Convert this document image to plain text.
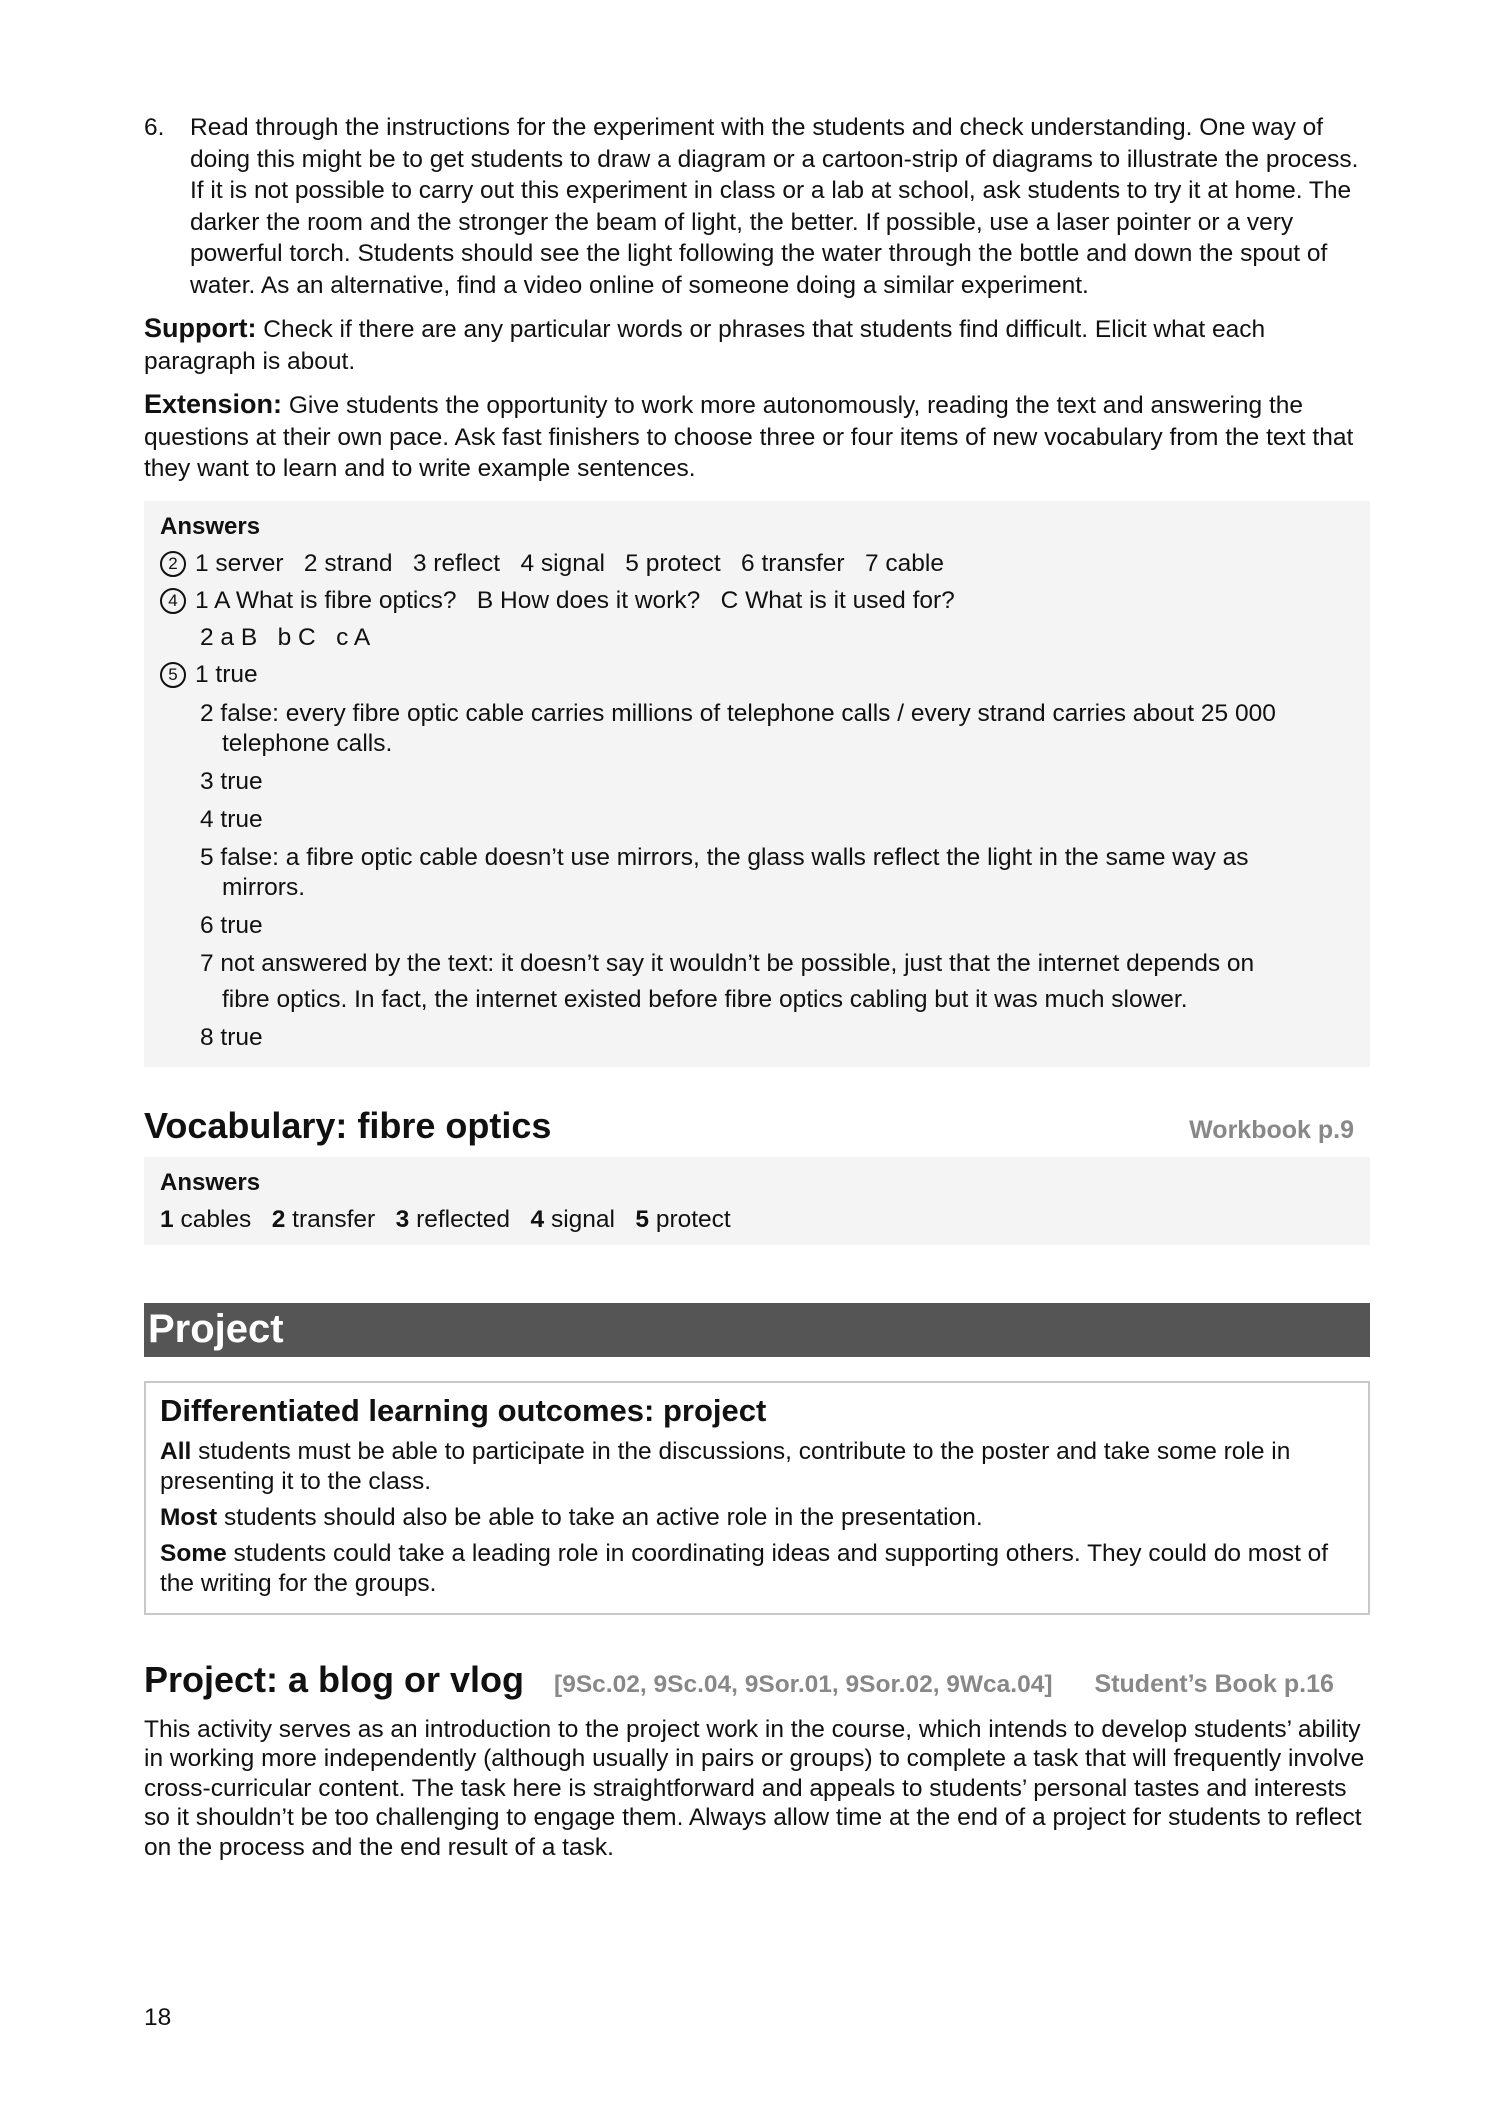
6.	Read through the instructions for the experiment with the students and check understanding. One way of doing this might be to get students to draw a diagram or a cartoon-strip of diagrams to illustrate the process. If it is not possible to carry out this experiment in class or a lab at school, ask students to try it at home. The darker the room and the stronger the beam of light, the better. If possible, use a laser pointer or a very powerful torch. Students should see the light following the water through the bottle and down the spout of water. As an alternative, find a video online of someone doing a similar experiment.

Support: Check if there are any particular words or phrases that students find difficult. Elicit what each paragraph is about.

Extension: Give students the opportunity to work more autonomously, reading the text and answering the questions at their own pace. Ask fast finishers to choose three or four items of new vocabulary from the text that they want to learn and to write example sentences.

Answers
2 1 server   2 strand   3 reflect   4 signal   5 protect   6 transfer   7 cable
4 1 A What is fibre optics?   B How does it work?   C What is it used for?
2 a B   b C   c A
5 1 true
2 false: every fibre optic cable carries millions of telephone calls / every strand carries about 25 000
telephone calls.
3 true
4 true
5 false: a fibre optic cable doesn’t use mirrors, the glass walls reflect the light in the same way as
mirrors.
6 true
7 not answered by the text: it doesn’t say it wouldn’t be possible, just that the internet depends on
fibre optics. In fact, the internet existed before fibre optics cabling but it was much slower.
8 true
Vocabulary: fibre optics	Workbook p.9
Answers
1
cables
2
transfer
3
reflected
4
signal
5
protect
Project
Differentiated learning outcomes: project

All students must be able to participate in the discussions, contribute to the poster and take some role in presenting it to the class.

Most students should also be able to take an active role in the presentation.

Some students could take a leading role in coordinating ideas and supporting others. They could do most of the writing for the groups.

Project: a blog or vlog [9Sc.02, 9Sc.04, 9Sor.01, 9Sor.02, 9Wca.04] Student’s Book p.16

This activity serves as an introduction to the project work in the course, which intends to develop students’ ability in working more independently (although usually in pairs or groups) to complete a task that will frequently involve cross-curricular content. The task here is straightforward and appeals to students’ personal tastes and interests so it shouldn’t be too challenging to engage them. Always allow time at the end of a project for students to reflect on the process and the end result of a task.

18
